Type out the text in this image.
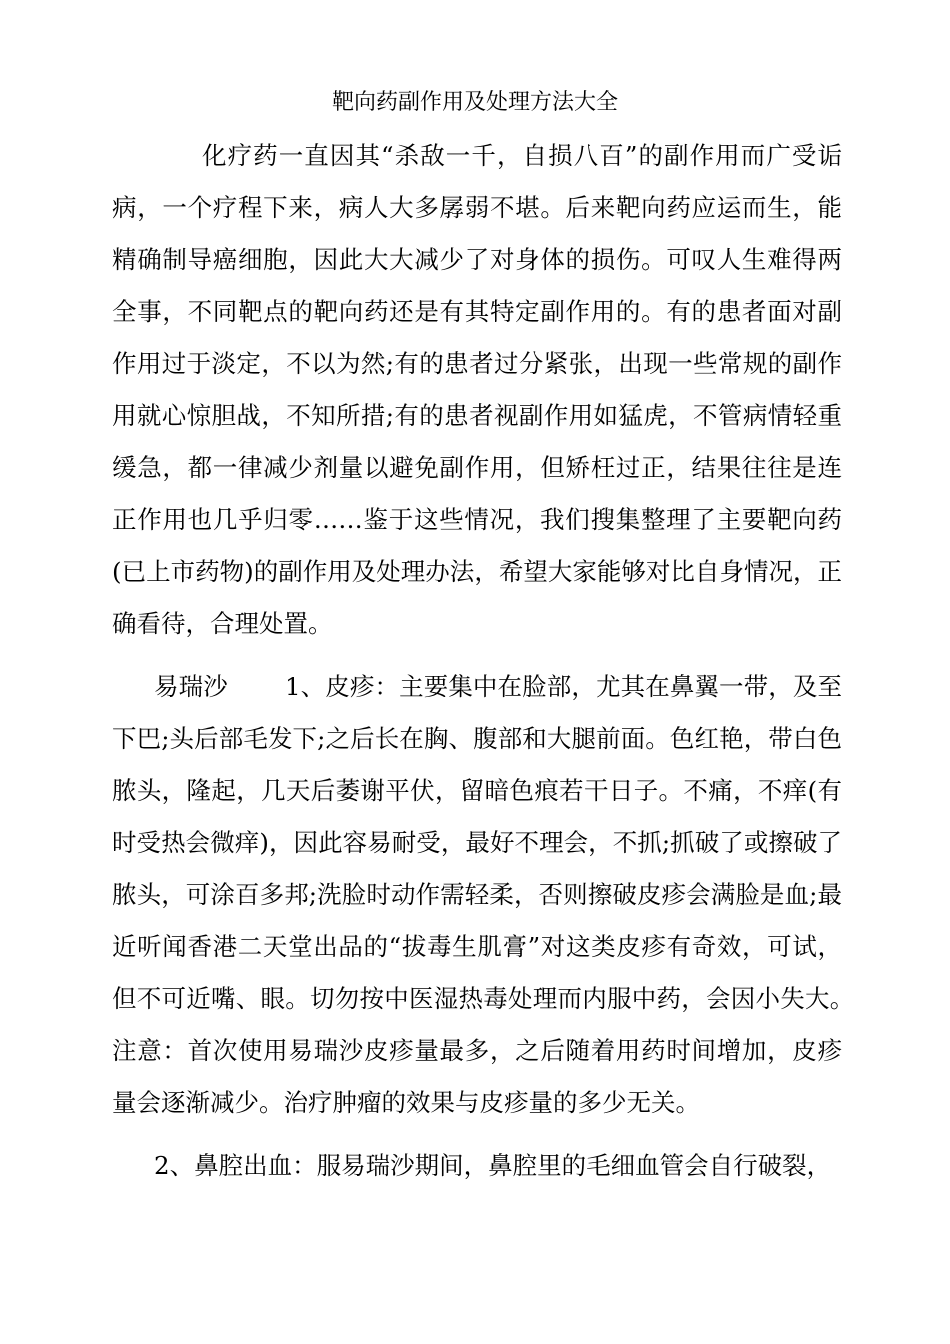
靶向药副作用及处理方法大全

化疗药一直因其“杀敌一千，自损八百”的副作用而广受诟病，一个疗程下来，病人大多孱弱不堪。后来靶向药应运而生，能精确制导癌细胞，因此大大减少了对身体的损伤。可叹人生难得两全事，不同靶点的靶向药还是有其特定副作用的。有的患者面对副作用过于淡定，不以为然;有的患者过分紧张，出现一些常规的副作用就心惊胆战，不知所措;有的患者视副作用如猛虎，不管病情轻重缓急，都一律减少剂量以避免副作用，但矫枉过正，结果往往是连正作用也几乎归零……鉴于这些情况，我们搜集整理了主要靶向药(已上市药物)的副作用及处理办法，希望大家能够对比自身情况，正确看待，合理处置。

易瑞沙　　 1、皮疹：主要集中在脸部，尤其在鼻翼一带，及至下巴;头后部毛发下;之后长在胸、腹部和大腿前面。色红艳，带白色脓头，隆起，几天后萎谢平伏，留暗色痕若干日子。不痛，不痒(有时受热会微痒)，因此容易耐受，最好不理会，不抓;抓破了或擦破了脓头，可涂百多邦;洗脸时动作需轻柔，否则擦破皮疹会满脸是血;最近听闻香港二天堂出品的“拔毒生肌膏”对这类皮疹有奇效，可试，但不可近嘴、眼。切勿按中医湿热毒处理而内服中药，会因小失大。　　 注意：首次使用易瑞沙皮疹量最多，之后随着用药时间增加，皮疹量会逐渐减少。治疗肿瘤的效果与皮疹量的多少无关。

2、鼻腔出血：服易瑞沙期间，鼻腔里的毛细血管会自行破裂，
